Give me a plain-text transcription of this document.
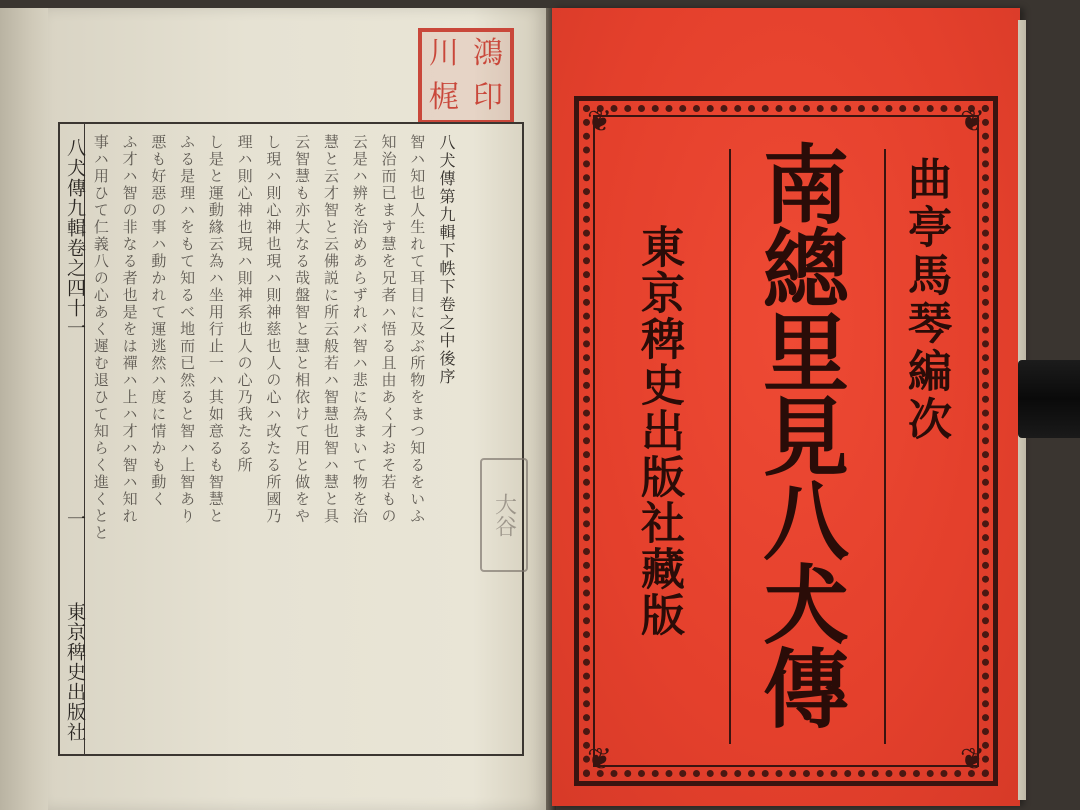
川 鴻
梶 印
八犬傳九輯卷之四十一
一
東京稗史出版社
八犬傳第九輯下帙下卷之中後序
智ハ知也人生れて耳目に及ぶ所物をまつ知るをいふ
知治而已ます慧を兄者ハ悟る且由あく才おそ若もの
云是ハ辨を治めあらずれバ智ハ悲に為まいて物を治
慧と云才智と云佛説に所云般若ハ智慧也智ハ慧と具
云智慧も亦大なる哉盤智と慧と相依けて用と做をや
し現ハ則心神也現ハ則神慈也人の心ハ改たる所國乃
理ハ則心神也現ハ則神系也人の心乃我たる所
し是と運動緣云為ハ坐用行止一ハ其如意るも智慧と
ふる是理ハをもて知るべ地而已然ると智ハ上智あり
悪も好惡の事ハ動かれて運逃然ハ度に情かも動く
ふ才ハ智の非なる者也是をは禪ハ上ハ才ハ智ハ知れ
事ハ用ひて仁義八の心あく遲む退ひて知らく進くとと	大谷
❦	❦
❦	❦
南總里見八犬傳 曲亭馬琴編次
東京稗史出版社藏版
